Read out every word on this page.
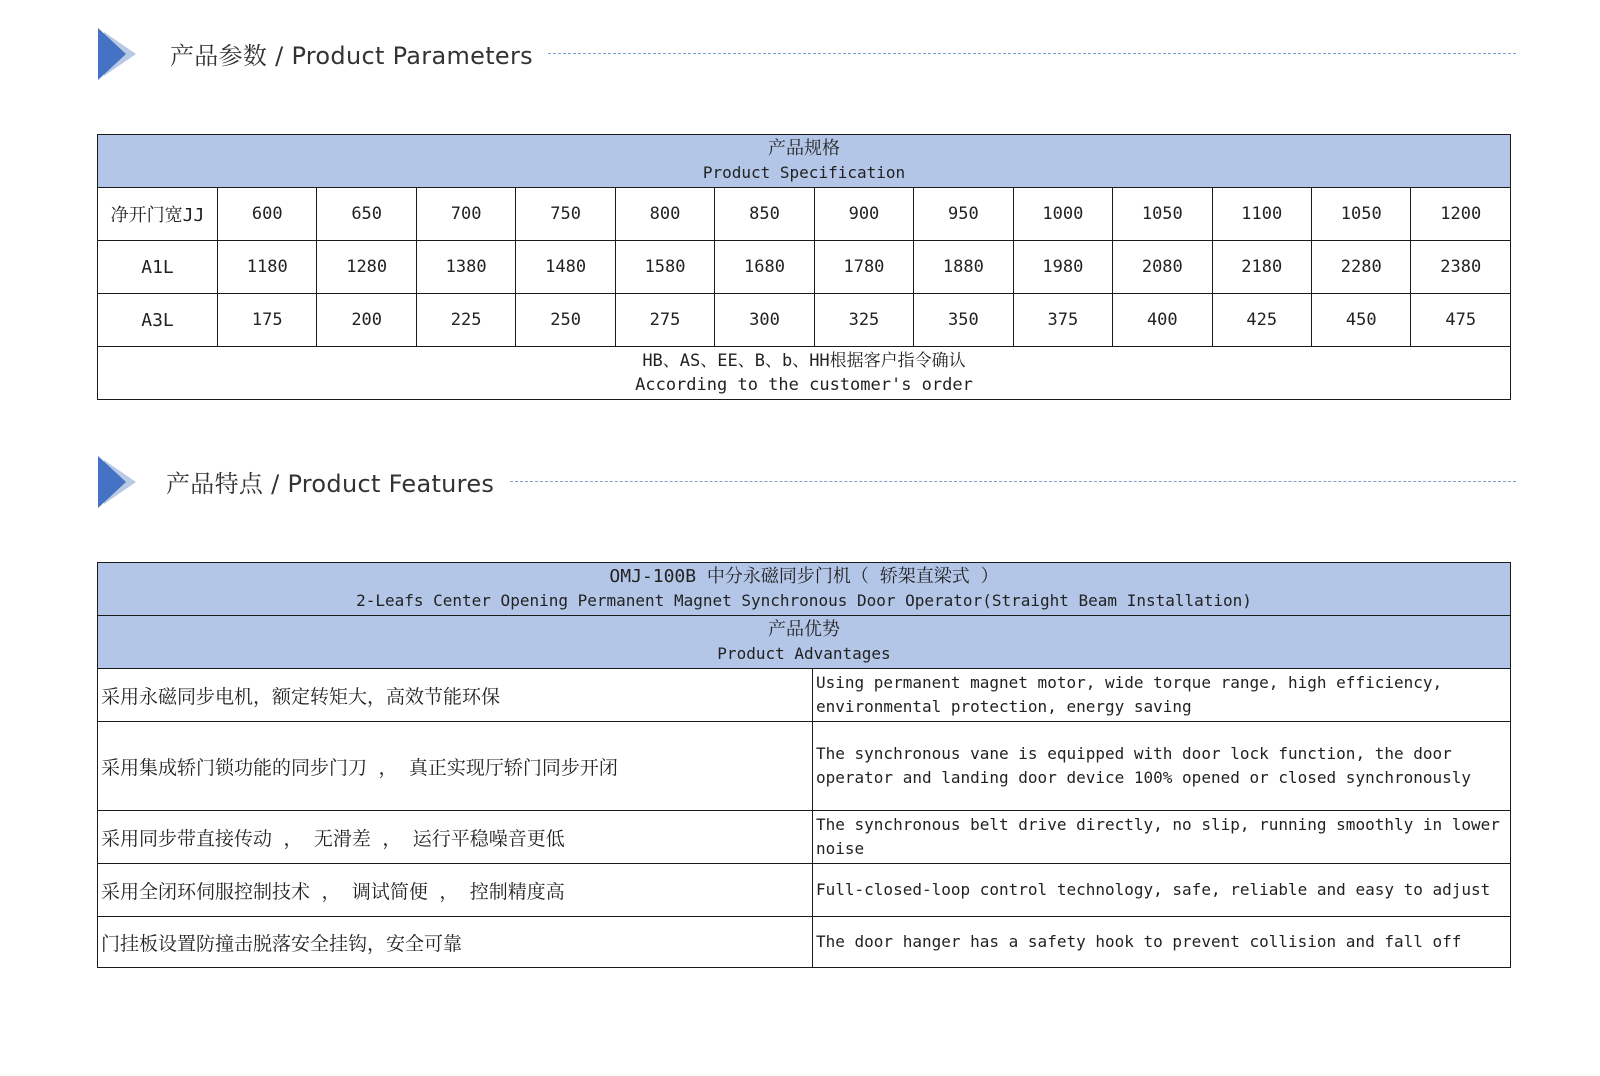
产品参数 / Product Parameters
产品规格
Product Specification													

净开门宽JJ	600	650	700	750	800	850	900	950	1000	1050	1100	1050	1200
A1L	1180	1280	1380	1480	1580	1680	1780	1880	1980	2080	2180	2280	2380
A3L	175	200	225	250	275	300	325	350	375	400	425	450	475

HB、AS、EE、B、b、HH根据客户指令确认
According to the customer's order													
产品特点 / Product Features
OMJ-100B 中分永磁同步门机（ 轿架直梁式 ）
2-Leafs Center Opening Permanent Magnet Synchronous Door Operator(Straight Beam Installation)	

产品优势
Product Advantages	

采用永磁同步电机，额定转矩大，高效节能环保	Using permanent magnet motor, wide torque range, high efficiency, environmental protection, energy saving
采用集成轿门锁功能的同步门刀 ， 真正实现厅轿门同步开闭	The synchronous vane is equipped with door lock function, the door operator and landing door device 100% opened or closed synchronously
采用同步带直接传动 ， 无滑差 ， 运行平稳噪音更低	The synchronous belt drive directly, no slip, running smoothly in lower noise
采用全闭环伺服控制技术 ， 调试简便 ， 控制精度高	Full-closed-loop control technology, safe, reliable and easy to adjust
门挂板设置防撞击脱落安全挂钩，安全可靠	The door hanger has a safety hook to prevent collision and fall off
